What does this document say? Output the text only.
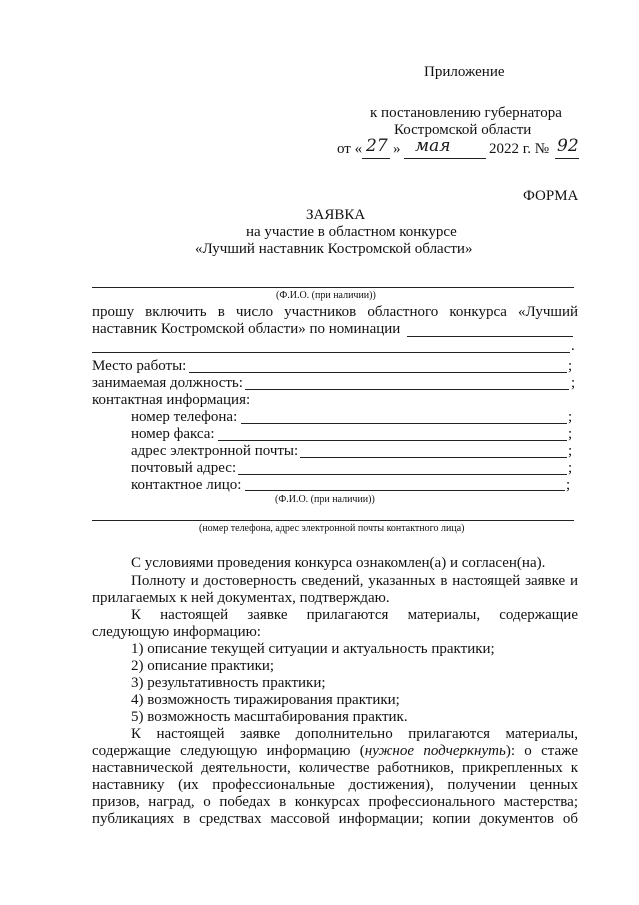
Приложение
к постановлению губернатора
Костромской области
от « 27 » мая	2022 г. № 92
ФОРМА
ЗАЯВКА
на участие в областном конкурсе
«Лучший наставник Костромской области»
(Ф.И.О. (при наличии))
прошу включить в число участников областного конкурса «Лучший
наставник Костромской области» по номинации
.
Место работы:	;
занимаемая должность:	;
контактная информация:
номер телефона:	;
номер факса:	;
адрес электронной почты:	;
почтовый адрес:	;
контактное лицо:	;
(Ф.И.О. (при наличии))
(номер телефона, адрес электронной почты контактного лица)
С условиями проведения конкурса ознакомлен(а) и согласен(на).
Полноту и достоверность сведений, указанных в настоящей заявке и
прилагаемых к ней документах, подтверждаю.
К настоящей заявке прилагаются материалы, содержащие
следующую информацию:
1) описание текущей ситуации и актуальность практики;
2) описание практики;
3) результативность практики;
4) возможность тиражирования практики;
5) возможность масштабирования практик.
К настоящей заявке дополнительно прилагаются материалы,
содержащие следующую информацию (нужное подчеркнуть): о стаже
наставнической деятельности, количестве работников, прикрепленных к
наставнику (их профессиональные достижения), получении ценных
призов, наград, о победах в конкурсах профессионального мастерства;
публикациях в средствах массовой информации; копии документов об
